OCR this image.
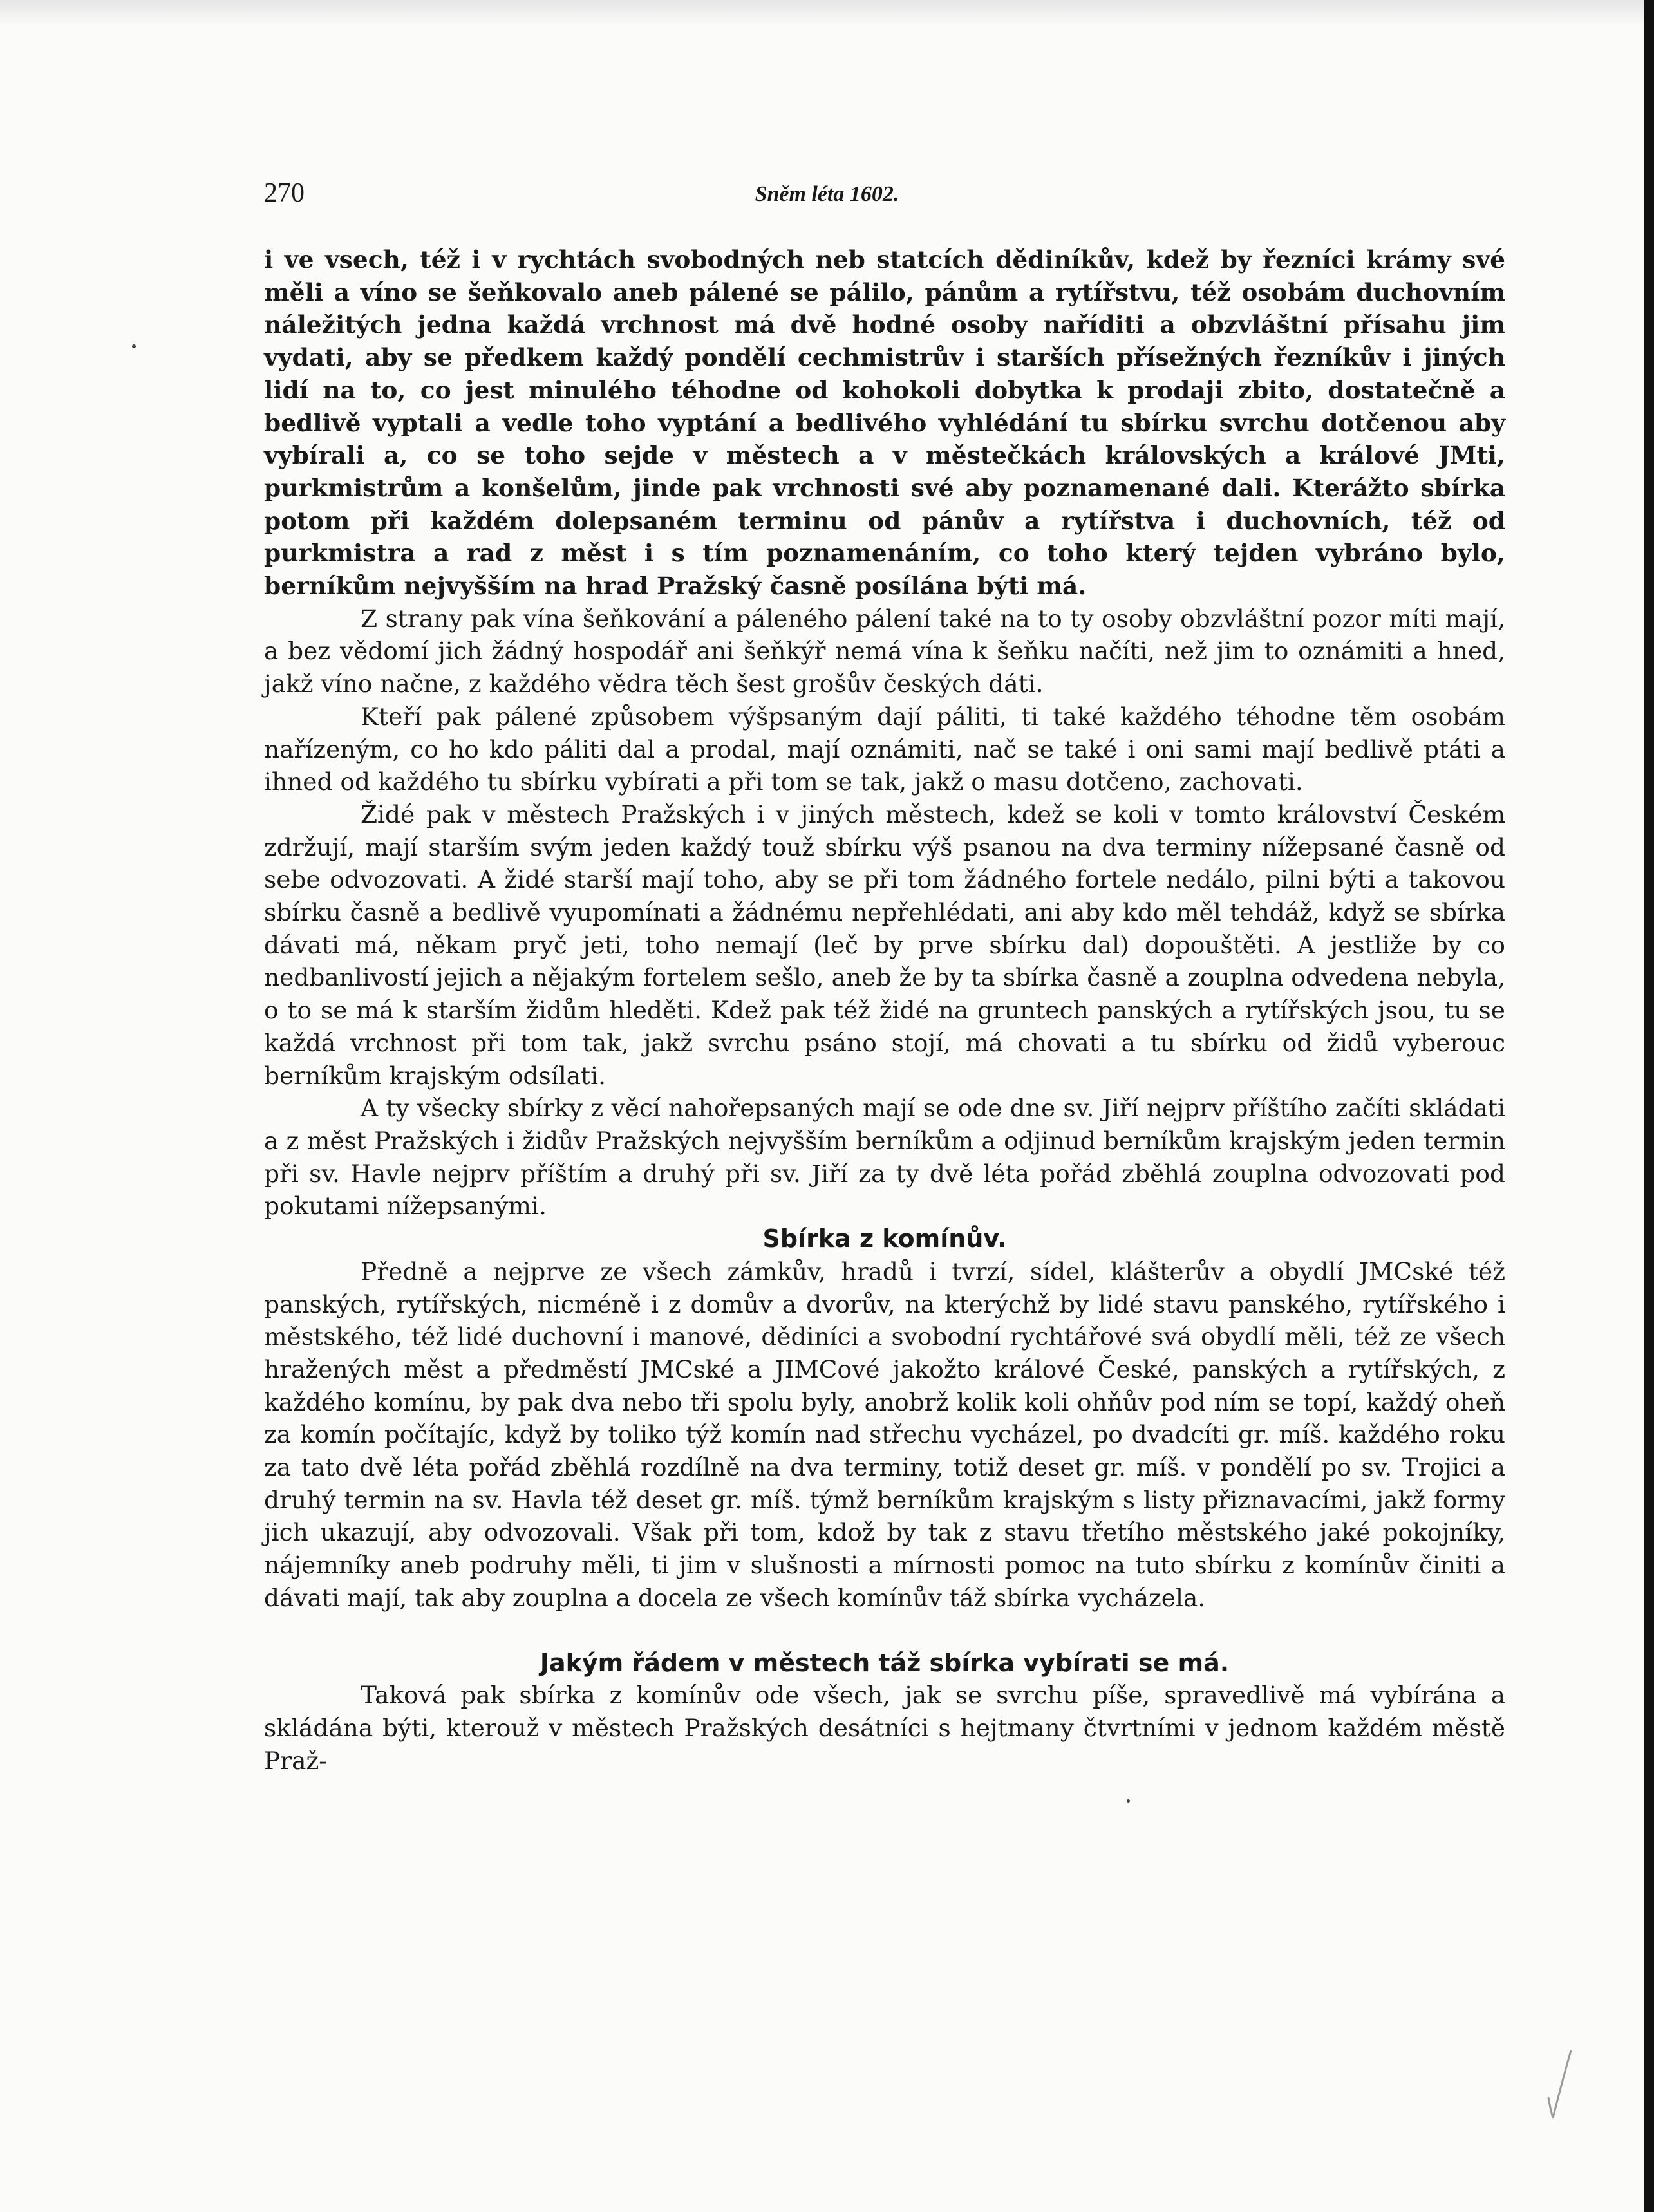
270	Sněm léta 1602.

i ve vsech, též i v rychtách svobodných neb statcích dědiníkův, kdež by řezníci krámy své měli a víno se šeňkovalo aneb pálené se pálilo, pánům a rytířstvu, též osobám duchovním náležitých jedna každá vrchnost má dvě hodné osoby naříditi a obzvláštní přísahu jim vydati, aby se předkem každý pondělí cechmistrův i starších přísežných řezníkův i jiných lidí na to, co jest minulého téhodne od kohokoli dobytka k prodaji zbito, dostatečně a bedlivě vyptali a vedle toho vyptání a bedlivého vyhlédání tu sbírku svrchu dotčenou aby vybírali a, co se toho sejde v městech a v městečkách královských a králové JMti, purkmistrům a konšelům, jinde pak vrchnosti své aby poznamenané dali. Kterážto sbírka potom při každém dolepsaném terminu od pánův a rytířstva i duchovních, též od purkmistra a rad z měst i s tím poznamenáním, co toho který tejden vybráno bylo, berníkům nejvyšším na hrad Pražský časně posílána býti má.

Z strany pak vína šeňkování a páleného pálení také na to ty osoby obzvláštní pozor míti mají, a bez vědomí jich žádný hospodář ani šeňkýř nemá vína k šeňku načíti, než jim to oznámiti a hned, jakž víno načne, z každého vědra těch šest grošův českých dáti.

Kteří pak pálené způsobem výšpsaným dají páliti, ti také každého téhodne těm osobám nařízeným, co ho kdo páliti dal a prodal, mají oznámiti, nač se také i oni sami mají bedlivě ptáti a ihned od každého tu sbírku vybírati a při tom se tak, jakž o masu dotčeno, zachovati.

Židé pak v městech Pražských i v jiných městech, kdež se koli v tomto království Českém zdržují, mají starším svým jeden každý touž sbírku výš psanou na dva terminy nížepsané časně od sebe odvozovati. A židé starší mají toho, aby se při tom žádného fortele nedálo, pilni býti a takovou sbírku časně a bedlivě vyupomínati a žádnému nepřehlédati, ani aby kdo měl tehdáž, když se sbírka dávati má, někam pryč jeti, toho nemají (leč by prve sbírku dal) dopouštěti. A jestliže by co nedbanlivostí jejich a nějakým fortelem sešlo, aneb že by ta sbírka časně a zouplna odvedena nebyla, o to se má k starším židům hleděti. Kdež pak též židé na gruntech panských a rytířských jsou, tu se každá vrchnost při tom tak, jakž svrchu psáno stojí, má chovati a tu sbírku od židů vyberouc berníkům krajským odsílati.

A ty všecky sbírky z věcí nahořepsaných mají se ode dne sv. Jiří nejprv příštího začíti skládati a z měst Pražských i židův Pražských nejvyšším berníkům a odjinud berníkům krajským jeden termin při sv. Havle nejprv příštím a druhý při sv. Jiří za ty dvě léta pořád zběhlá zouplna odvozovati pod pokutami nížepsanými.

Sbírka z komínův.

Předně a nejprve ze všech zámkův, hradů i tvrzí, sídel, klášterův a obydlí JMCské též panských, rytířských, nicméně i z domův a dvorův, na kterýchž by lidé stavu panského, rytířského i městského, též lidé duchovní i manové, dědiníci a svobodní rychtářové svá obydlí měli, též ze všech hražených měst a předměstí JMCské a JIMCové jakožto králové České, panských a rytířských, z každého komínu, by pak dva nebo tři spolu byly, anobrž kolik koli ohňův pod ním se topí, každý oheň za komín počítajíc, když by toliko týž komín nad střechu vycházel, po dvadcíti gr. míš. každého roku za tato dvě léta pořád zběhlá rozdílně na dva terminy, totiž deset gr. míš. v pondělí po sv. Trojici a druhý termin na sv. Havla též deset gr. míš. týmž berníkům krajským s listy přiznavacími, jakž formy jich ukazují, aby odvozovali. Však při tom, kdož by tak z stavu třetího městského jaké pokojníky, nájemníky aneb podruhy měli, ti jim v slušnosti a mírnosti pomoc na tuto sbírku z komínův činiti a dávati mají, tak aby zouplna a docela ze všech komínův táž sbírka vycházela.

Jakým řádem v městech táž sbírka vybírati se má.

Taková pak sbírka z komínův ode všech, jak se svrchu píše, spravedlivě má vybírána a skládána býti, kterouž v městech Pražských desátníci s hejtmany čtvrtními v jednom každém městě Praž-
